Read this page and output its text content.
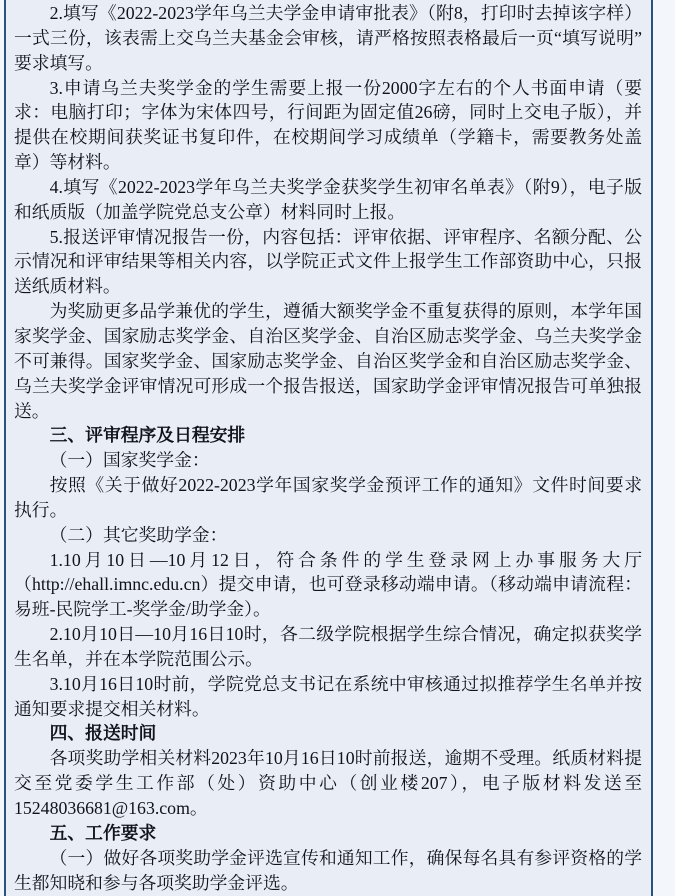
2.填写《2022-2023学年乌兰夫学金申请审批表》（附8，打印时去掉该字样）一式三份，该表需上交乌兰夫基金会审核，请严格按照表格最后一页“填写说明”要求填写。

3.申请乌兰夫奖学金的学生需要上报一份2000字左右的个人书面申请（要求：电脑打印；字体为宋体四号，行间距为固定值26磅，同时上交电子版），并提供在校期间获奖证书复印件，在校期间学习成绩单（学籍卡，需要教务处盖章）等材料。

4.填写《2022-2023学年乌兰夫奖学金获奖学生初审名单表》（附9），电子版和纸质版（加盖学院党总支公章）材料同时上报。

5.报送评审情况报告一份，内容包括：评审依据、评审程序、名额分配、公示情况和评审结果等相关内容，以学院正式文件上报学生工作部资助中心，只报送纸质材料。

为奖励更多品学兼优的学生，遵循大额奖学金不重复获得的原则，本学年国家奖学金、国家励志奖学金、自治区奖学金、自治区励志奖学金、乌兰夫奖学金不可兼得。国家奖学金、国家励志奖学金、自治区奖学金和自治区励志奖学金、乌兰夫奖学金评审情况可形成一个报告报送，国家助学金评审情况报告可单独报送。

三、评审程序及日程安排

（一）国家奖学金：

按照《关于做好2022-2023学年国家奖学金预评工作的通知》文件时间要求执行。

（二）其它奖助学金：

1.10月10日—10月12日，符合条件的学生登录网上办事服务大厅（http://ehall.imnc.edu.cn）提交申请，也可登录移动端申请。（移动端申请流程：易班-民院学工-奖学金/助学金）。

2.10月10日—10月16日10时，各二级学院根据学生综合情况，确定拟获奖学生名单，并在本学院范围公示。

3.10月16日10时前，学院党总支书记在系统中审核通过拟推荐学生名单并按通知要求提交相关材料。

四、报送时间

各项奖助学相关材料2023年10月16日10时前报送，逾期不受理。纸质材料提交至党委学生工作部（处）资助中心（创业楼207），电子版材料发送至15248036681@163.com。

五、工作要求

（一）做好各项奖助学金评选宣传和通知工作，确保每名具有参评资格的学生都知晓和参与各项奖助学金评选。
